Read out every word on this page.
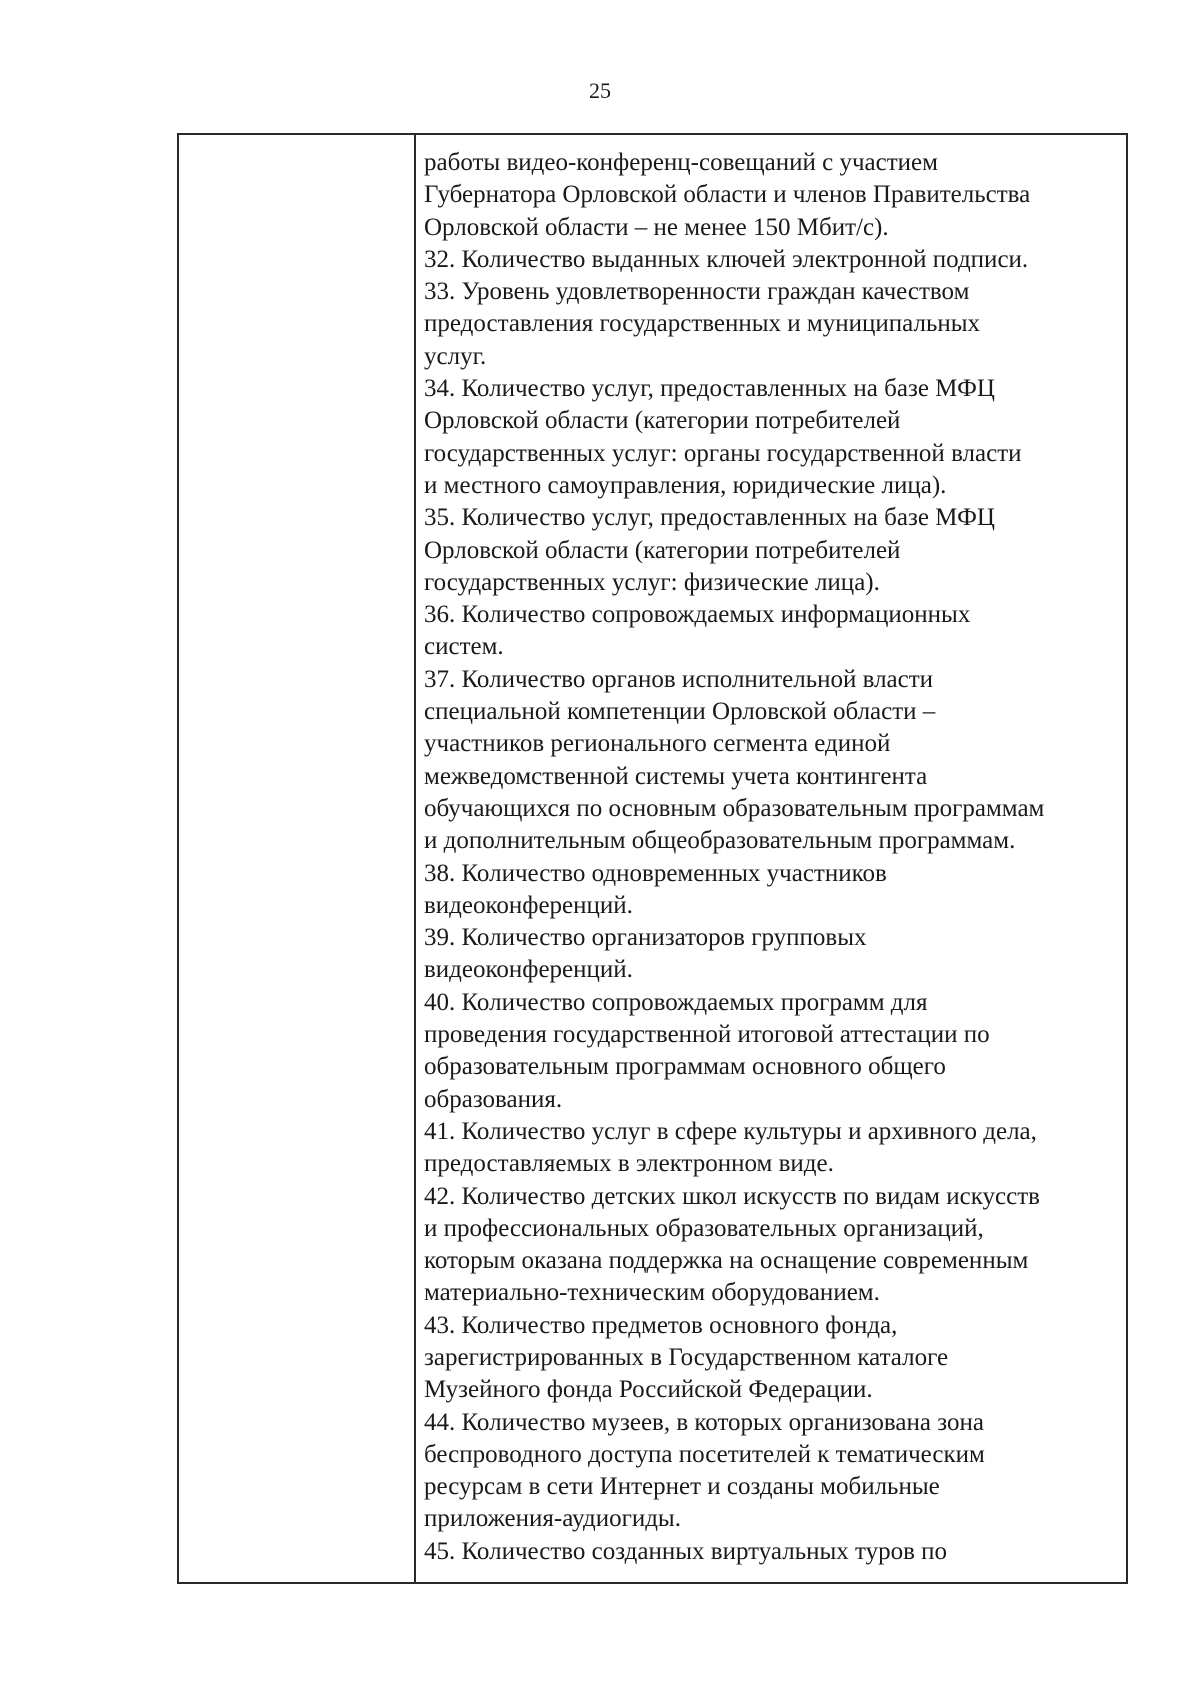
25
работы видео-конференц-совещаний с участием
Губернатора Орловской области и членов Правительства
Орловской области – не менее 150 Мбит/с).
32. Количество выданных ключей электронной подписи.
33. Уровень удовлетворенности граждан качеством
предоставления государственных и муниципальных
услуг.
34. Количество услуг, предоставленных на базе МФЦ
Орловской области (категории потребителей
государственных услуг: органы государственной власти
и местного самоуправления, юридические лица).
35. Количество услуг, предоставленных на базе МФЦ
Орловской области (категории потребителей
государственных услуг: физические лица).
36. Количество сопровождаемых информационных
систем.
37. Количество органов исполнительной власти
специальной компетенции Орловской области –
участников регионального сегмента единой
межведомственной системы учета контингента
обучающихся по основным образовательным программам
и дополнительным общеобразовательным программам.
38. Количество одновременных участников
видеоконференций.
39. Количество организаторов групповых
видеоконференций.
40. Количество сопровождаемых программ для
проведения государственной итоговой аттестации по
образовательным программам основного общего
образования.
41. Количество услуг в сфере культуры и архивного дела,
предоставляемых в электронном виде.
42. Количество детских школ искусств по видам искусств
и профессиональных образовательных организаций,
которым оказана поддержка на оснащение современным
материально-техническим оборудованием.
43. Количество предметов основного фонда,
зарегистрированных в Государственном каталоге
Музейного фонда Российской Федерации.
44. Количество музеев, в которых организована зона
беспроводного доступа посетителей к тематическим
ресурсам в сети Интернет и созданы мобильные
приложения-аудиогиды.
45. Количество созданных виртуальных туров по
